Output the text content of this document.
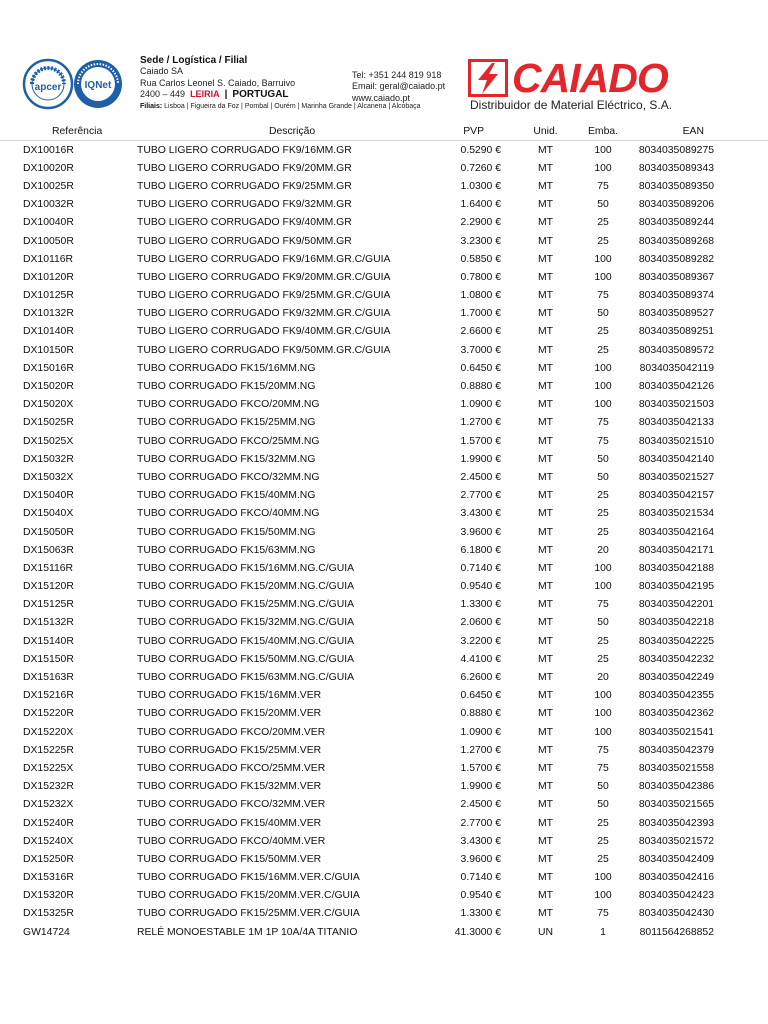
apcer IQNet
Sede / Logística / Filial
Caiado SA
Rua Carlos Leonel S. Caiado, Barruivo
2400 – 449 LEIRIA | PORTUGAL
Filiais: Lisboa | Figueira da Foz | Pombal | Ourém | Marinha Grande | Alcanena | Alcobaça
Tel: +351 244 819 918
Email: geral@caiado.pt
www.caiado.pt	CAIADO
Distribuidor de Material Eléctrico, S.A.
Referência	Descrição	PVP	Unid.	Emba.	EAN
DX10016R	TUBO LIGERO CORRUGADO FK9/16MM.GR	0.5290 €	MT	100	8034035089275
DX10020R	TUBO LIGERO CORRUGADO FK9/20MM.GR	0.7260 €	MT	100	8034035089343
DX10025R	TUBO LIGERO CORRUGADO FK9/25MM.GR	1.0300 €	MT	75	8034035089350
DX10032R	TUBO LIGERO CORRUGADO FK9/32MM.GR	1.6400 €	MT	50	8034035089206
DX10040R	TUBO LIGERO CORRUGADO FK9/40MM.GR	2.2900 €	MT	25	8034035089244
DX10050R	TUBO LIGERO CORRUGADO FK9/50MM.GR	3.2300 €	MT	25	8034035089268
DX10116R	TUBO LIGERO CORRUGADO FK9/16MM.GR.C/GUIA	0.5850 €	MT	100	8034035089282
DX10120R	TUBO LIGERO CORRUGADO FK9/20MM.GR.C/GUIA	0.7800 €	MT	100	8034035089367
DX10125R	TUBO LIGERO CORRUGADO FK9/25MM.GR.C/GUIA	1.0800 €	MT	75	8034035089374
DX10132R	TUBO LIGERO CORRUGADO FK9/32MM.GR.C/GUIA	1.7000 €	MT	50	8034035089527
DX10140R	TUBO LIGERO CORRUGADO FK9/40MM.GR.C/GUIA	2.6600 €	MT	25	8034035089251
DX10150R	TUBO LIGERO CORRUGADO FK9/50MM.GR.C/GUIA	3.7000 €	MT	25	8034035089572
DX15016R	TUBO CORRUGADO FK15/16MM.NG	0.6450 €	MT	100	8034035042119
DX15020R	TUBO CORRUGADO FK15/20MM.NG	0.8880 €	MT	100	8034035042126
DX15020X	TUBO CORRUGADO FKCO/20MM.NG	1.0900 €	MT	100	8034035021503
DX15025R	TUBO CORRUGADO FK15/25MM.NG	1.2700 €	MT	75	8034035042133
DX15025X	TUBO CORRUGADO FKCO/25MM.NG	1.5700 €	MT	75	8034035021510
DX15032R	TUBO CORRUGADO FK15/32MM.NG	1.9900 €	MT	50	8034035042140
DX15032X	TUBO CORRUGADO FKCO/32MM.NG	2.4500 €	MT	50	8034035021527
DX15040R	TUBO CORRUGADO FK15/40MM.NG	2.7700 €	MT	25	8034035042157
DX15040X	TUBO CORRUGADO FKCO/40MM.NG	3.4300 €	MT	25	8034035021534
DX15050R	TUBO CORRUGADO FK15/50MM.NG	3.9600 €	MT	25	8034035042164
DX15063R	TUBO CORRUGADO FK15/63MM.NG	6.1800 €	MT	20	8034035042171
DX15116R	TUBO CORRUGADO FK15/16MM.NG.C/GUIA	0.7140 €	MT	100	8034035042188
DX15120R	TUBO CORRUGADO FK15/20MM.NG.C/GUIA	0.9540 €	MT	100	8034035042195
DX15125R	TUBO CORRUGADO FK15/25MM.NG.C/GUIA	1.3300 €	MT	75	8034035042201
DX15132R	TUBO CORRUGADO FK15/32MM.NG.C/GUIA	2.0600 €	MT	50	8034035042218
DX15140R	TUBO CORRUGADO FK15/40MM.NG.C/GUIA	3.2200 €	MT	25	8034035042225
DX15150R	TUBO CORRUGADO FK15/50MM.NG.C/GUIA	4.4100 €	MT	25	8034035042232
DX15163R	TUBO CORRUGADO FK15/63MM.NG.C/GUIA	6.2600 €	MT	20	8034035042249
DX15216R	TUBO CORRUGADO FK15/16MM.VER	0.6450 €	MT	100	8034035042355
DX15220R	TUBO CORRUGADO FK15/20MM.VER	0.8880 €	MT	100	8034035042362
DX15220X	TUBO CORRUGADO FKCO/20MM.VER	1.0900 €	MT	100	8034035021541
DX15225R	TUBO CORRUGADO FK15/25MM.VER	1.2700 €	MT	75	8034035042379
DX15225X	TUBO CORRUGADO FKCO/25MM.VER	1.5700 €	MT	75	8034035021558
DX15232R	TUBO CORRUGADO FK15/32MM.VER	1.9900 €	MT	50	8034035042386
DX15232X	TUBO CORRUGADO FKCO/32MM.VER	2.4500 €	MT	50	8034035021565
DX15240R	TUBO CORRUGADO FK15/40MM.VER	2.7700 €	MT	25	8034035042393
DX15240X	TUBO CORRUGADO FKCO/40MM.VER	3.4300 €	MT	25	8034035021572
DX15250R	TUBO CORRUGADO FK15/50MM.VER	3.9600 €	MT	25	8034035042409
DX15316R	TUBO CORRUGADO FK15/16MM.VER.C/GUIA	0.7140 €	MT	100	8034035042416
DX15320R	TUBO CORRUGADO FK15/20MM.VER.C/GUIA	0.9540 €	MT	100	8034035042423
DX15325R	TUBO CORRUGADO FK15/25MM.VER.C/GUIA	1.3300 €	MT	75	8034035042430
GW14724	RELÉ MONOESTABLE 1M 1P 10A/4A TITANIO	41.3000 €	UN	1	8011564268852
